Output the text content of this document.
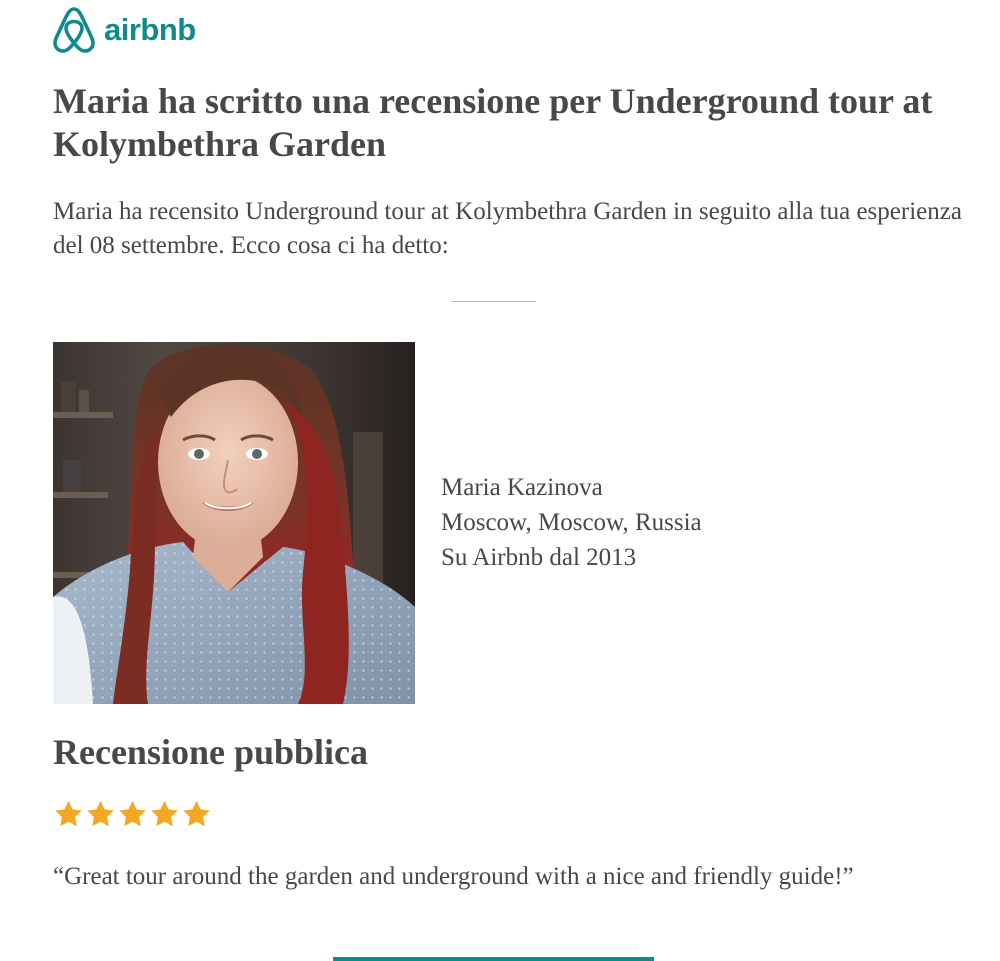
airbnb
Maria ha scritto una recensione per Underground tour at Kolymbethra Garden

Maria ha recensito Underground tour at Kolymbethra Garden in seguito alla tua esperienza del 08 settembre. Ecco cosa ci ha detto:

Maria Kazinova
Moscow, Moscow, Russia
Su Airbnb dal 2013
Recensione pubblica

“Great tour around the garden and underground with a nice and friendly guide!”
